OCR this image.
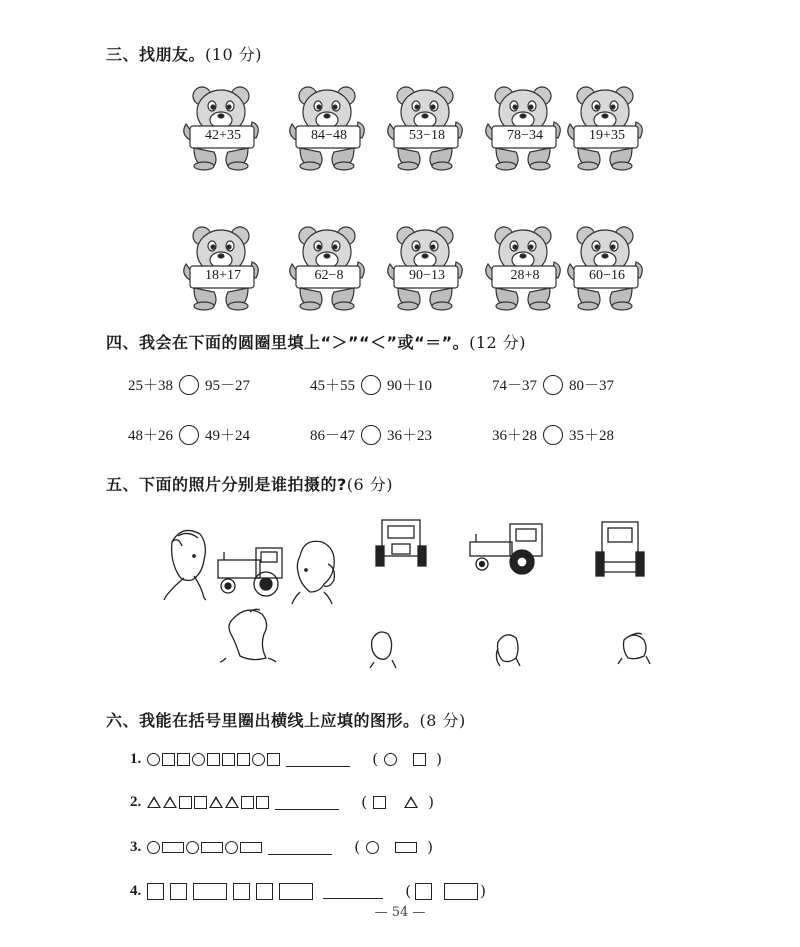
三、找朋友。(10 分)
42+35	84−48	53−18	78−34	19+35
18+17	62−8	90−13	28+8	60−16
四、我会在下面的圆圈里填上“＞”“＜”或“＝”。(12 分)
25＋38 95－27	45＋55 90＋10	74－37 80－37
48＋26 49＋24	86－47 36＋23	36＋28 35＋28
五、下面的照片分别是谁拍摄的?(6 分)
六、我能在括号里圈出横线上应填的图形。(8 分)
1.	(	)
2.	(	)
3.	(	)
4.	(	)
— 54 —
